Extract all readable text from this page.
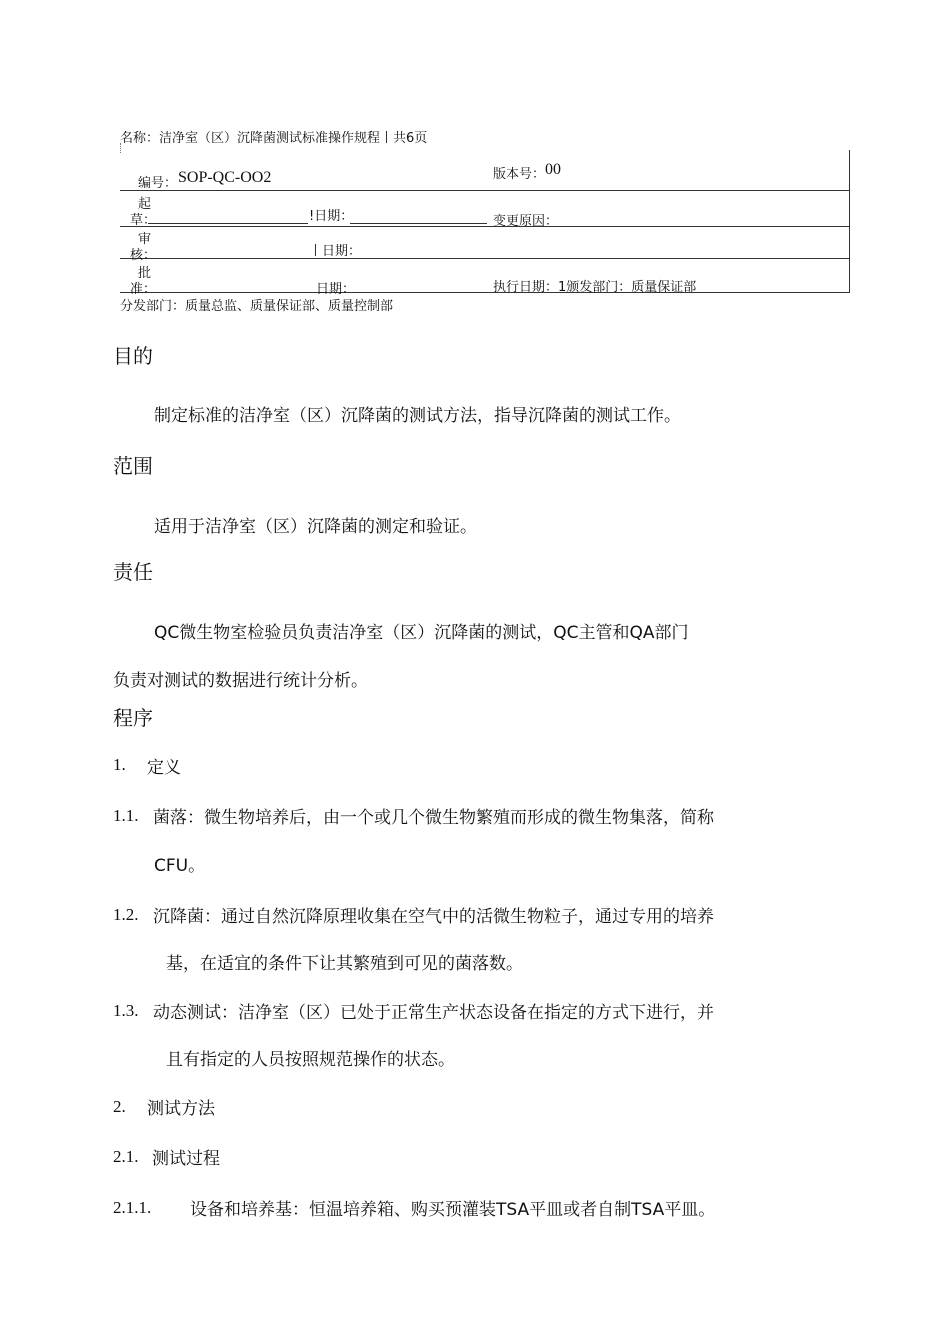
名称：洁净室（区）沉降菌测试标准操作规程丨共6页
编号： SOP-QC-OO2	版本号： 00
起
草：	!日期：	变更原因：
审
核：	丨日期：
批
准：	日期：	执行日期：1颁发部门：质量保证部
分发部门：质量总监、质量保证部、质量控制部
目的
制定标准的洁净室（区）沉降菌的测试方法，指导沉降菌的测试工作。
范围
适用于洁净室（区）沉降菌的测定和验证。
责任
QC微生物室检验员负责洁净室（区）沉降菌的测试，QC主管和QA部门
负责对测试的数据进行统计分析。
程序
1. 定义
1.1. 菌落：微生物培养后，由一个或几个微生物繁殖而形成的微生物集落，简称
CFU。
1.2. 沉降菌：通过自然沉降原理收集在空气中的活微生物粒子，通过专用的培养
基，在适宜的条件下让其繁殖到可见的菌落数。
1.3. 动态测试：洁净室（区）已处于正常生产状态设备在指定的方式下进行，并
且有指定的人员按照规范操作的状态。
2. 测试方法
2.1. 测试过程
2.1.1. 设备和培养基：恒温培养箱、购买预灌装TSA平皿或者自制TSA平皿。
